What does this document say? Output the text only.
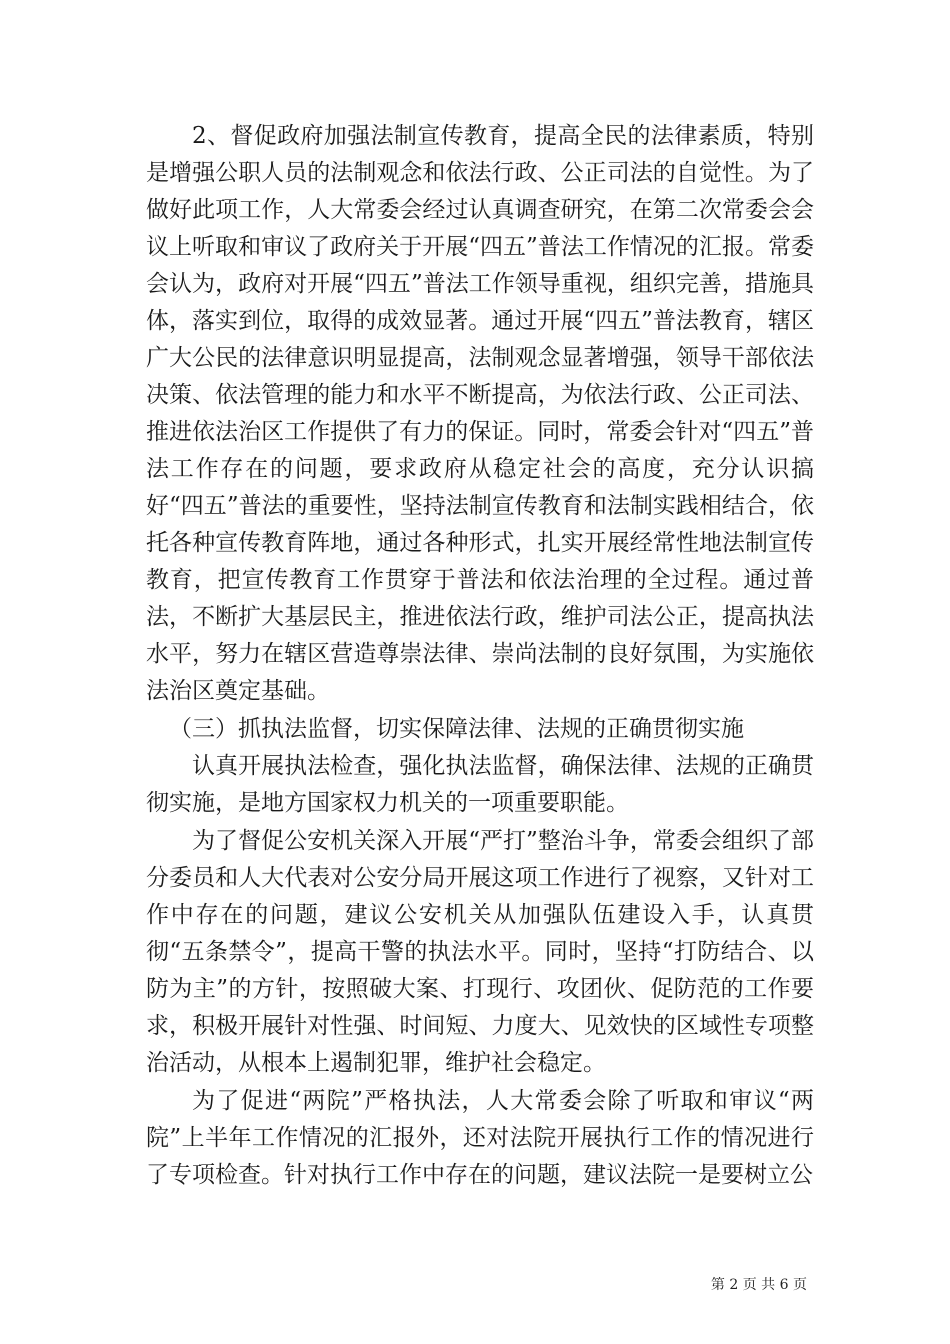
2、督促政府加强法制宣传教育，提高全民的法律素质，特别是增强公职人员的法制观念和依法行政、公正司法的自觉性。为了做好此项工作，人大常委会经过认真调查研究，在第二次常委会会议上听取和审议了政府关于开展“四五”普法工作情况的汇报。常委会认为，政府对开展“四五”普法工作领导重视，组织完善，措施具体，落实到位，取得的成效显著。通过开展“四五”普法教育，辖区广大公民的法律意识明显提高，法制观念显著增强，领导干部依法决策、依法管理的能力和水平不断提高，为依法行政、公正司法、推进依法治区工作提供了有力的保证。同时，常委会针对“四五”普法工作存在的问题，要求政府从稳定社会的高度，充分认识搞好“四五”普法的重要性，坚持法制宣传教育和法制实践相结合，依托各种宣传教育阵地，通过各种形式，扎实开展经常性地法制宣传教育，把宣传教育工作贯穿于普法和依法治理的全过程。通过普法，不断扩大基层民主，推进依法行政，维护司法公正，提高执法水平，努力在辖区营造尊崇法律、崇尚法制的良好氛围，为实施依法治区奠定基础。

（三）抓执法监督，切实保障法律、法规的正确贯彻实施

认真开展执法检查，强化执法监督，确保法律、法规的正确贯彻实施，是地方国家权力机关的一项重要职能。

为了督促公安机关深入开展“严打”整治斗争，常委会组织了部分委员和人大代表对公安分局开展这项工作进行了视察，又针对工作中存在的问题，建议公安机关从加强队伍建设入手，认真贯彻“五条禁令”，提高干警的执法水平。同时，坚持“打防结合、以防为主”的方针，按照破大案、打现行、攻团伙、促防范的工作要求，积极开展针对性强、时间短、力度大、见效快的区域性专项整治活动，从根本上遏制犯罪，维护社会稳定。

为了促进“两院”严格执法，人大常委会除了听取和审议“两院”上半年工作情况的汇报外，还对法院开展执行工作的情况进行了专项检查。针对执行工作中存在的问题，建议法院一是要树立公

第 2 页 共 6 页
